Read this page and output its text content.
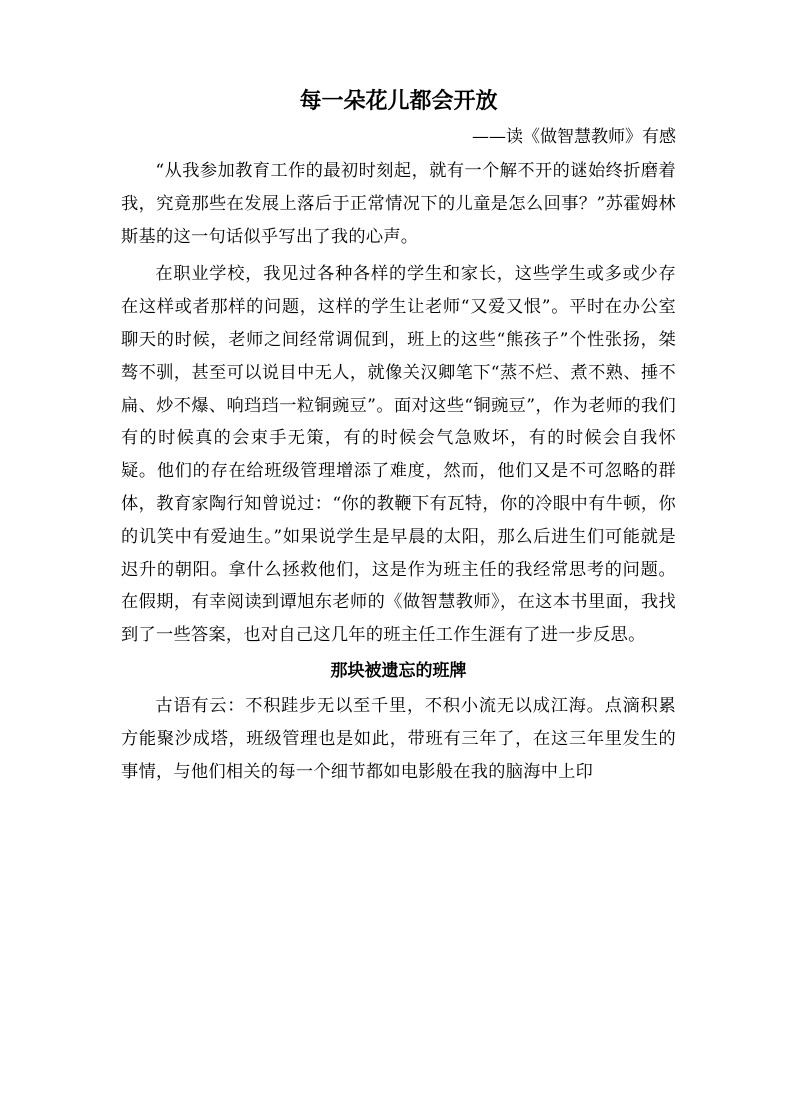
每一朵花儿都会开放
——读《做智慧教师》有感

“从我参加教育工作的最初时刻起，就有一个解不开的谜始终折磨着我，究竟那些在发展上落后于正常情况下的儿童是怎么回事？”苏霍姆林斯基的这一句话似乎写出了我的心声。

在职业学校，我见过各种各样的学生和家长，这些学生或多或少存在这样或者那样的问题，这样的学生让老师“又爱又恨”。平时在办公室聊天的时候，老师之间经常调侃到，班上的这些“熊孩子”个性张扬，桀骜不驯，甚至可以说目中无人，就像关汉卿笔下“蒸不烂、煮不熟、捶不扁、炒不爆、响珰珰一粒铜豌豆”。面对这些“铜豌豆”，作为老师的我们有的时候真的会束手无策，有的时候会气急败坏，有的时候会自我怀疑。他们的存在给班级管理增添了难度，然而，他们又是不可忽略的群体，教育家陶行知曾说过：“你的教鞭下有瓦特，你的冷眼中有牛顿，你的讥笑中有爱迪生。”如果说学生是早晨的太阳，那么后进生们可能就是迟升的朝阳。拿什么拯救他们，这是作为班主任的我经常思考的问题。在假期，有幸阅读到谭旭东老师的《做智慧教师》，在这本书里面，我找到了一些答案，也对自己这几年的班主任工作生涯有了进一步反思。

那块被遗忘的班牌

古语有云：不积跬步无以至千里，不积小流无以成江海。点滴积累方能聚沙成塔，班级管理也是如此，带班有三年了，在这三年里发生的事情，与他们相关的每一个细节都如电影般在我的脑海中上印
